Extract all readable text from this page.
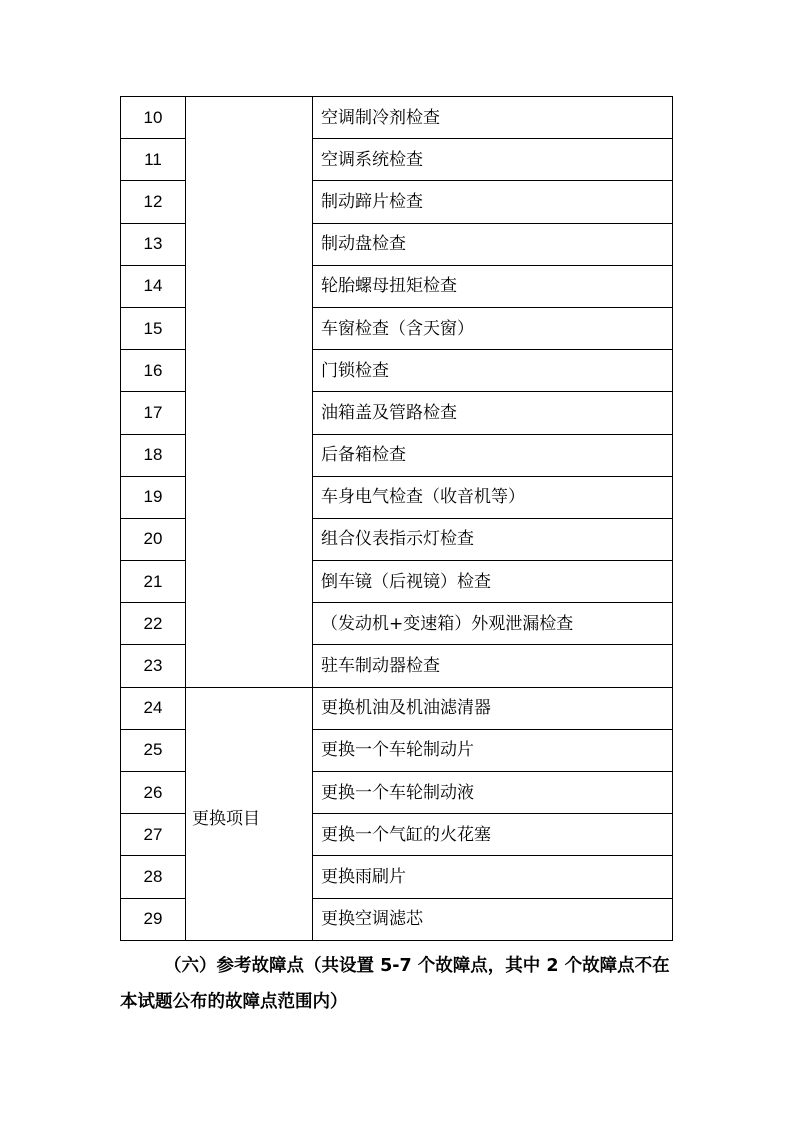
10		空调制冷剂检查
11		空调系统检查
12		制动蹄片检查
13		制动盘检查
14		轮胎螺母扭矩检查
15		车窗检查（含天窗）
16		门锁检查
17		油箱盖及管路检查
18		后备箱检查
19		车身电气检查（收音机等）
20		组合仪表指示灯检查
21		倒车镜（后视镜）检查
22		（发动机+变速箱）外观泄漏检查
23		驻车制动器检查
24	更换项目	更换机油及机油滤清器
25		更换一个车轮制动片
26		更换一个车轮制动液
27		更换一个气缸的火花塞
28		更换雨刷片
29		更换空调滤芯

（六）参考故障点（共设置 5-7 个故障点，其中 2 个故障点不在

本试题公布的故障点范围内）
